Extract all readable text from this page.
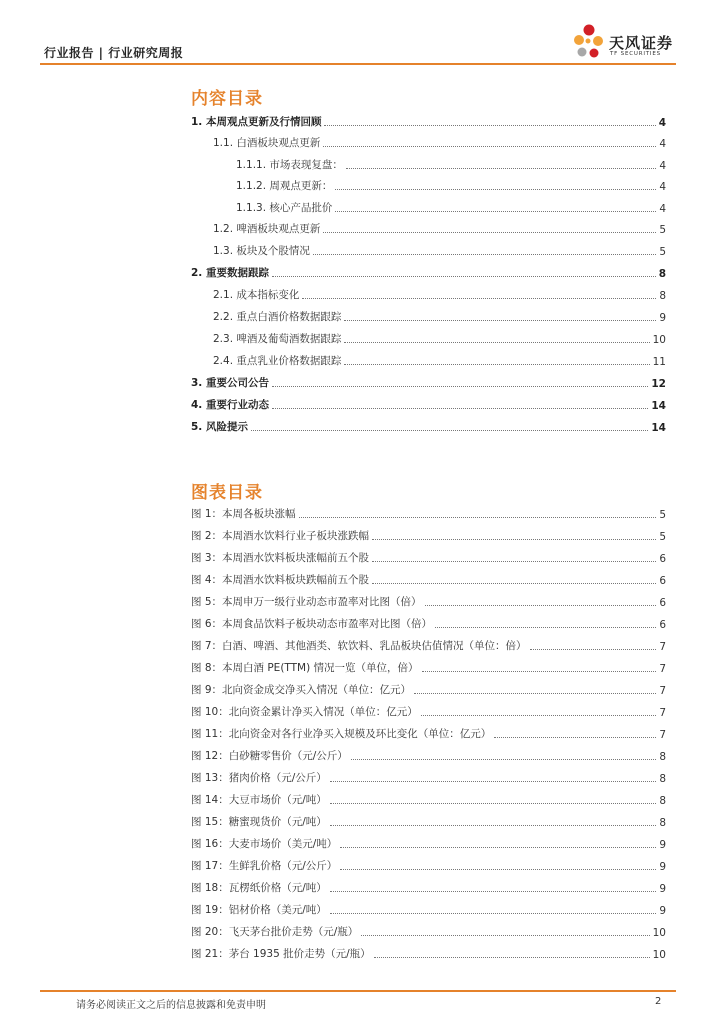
行业报告 | 行业研究周报
天风证券
TF SECURITIES
内容目录
1. 本周观点更新及行情回顾	4
1.1. 白酒板块观点更新	4
1.1.1. 市场表现复盘：	4
1.1.2. 周观点更新：	4
1.1.3. 核心产品批价	4
1.2. 啤酒板块观点更新	5
1.3. 板块及个股情况	5
2. 重要数据跟踪	8
2.1. 成本指标变化	8
2.2. 重点白酒价格数据跟踪	9
2.3. 啤酒及葡萄酒数据跟踪	10
2.4. 重点乳业价格数据跟踪	11
3. 重要公司公告	12
4. 重要行业动态	14
5. 风险提示	14
图表目录
图 1：本周各板块涨幅	5
图 2：本周酒水饮料行业子板块涨跌幅	5
图 3：本周酒水饮料板块涨幅前五个股	6
图 4：本周酒水饮料板块跌幅前五个股	6
图 5：本周申万一级行业动态市盈率对比图（倍）	6
图 6：本周食品饮料子板块动态市盈率对比图（倍）	6
图 7：白酒、啤酒、其他酒类、软饮料、乳品板块估值情况（单位：倍）	7
图 8：本周白酒 PE(TTM) 情况一览（单位，倍）	7
图 9：北向资金成交净买入情况（单位：亿元）	7
图 10：北向资金累计净买入情况（单位：亿元）	7
图 11：北向资金对各行业净买入规模及环比变化（单位：亿元）	7
图 12：白砂糖零售价（元/公斤）	8
图 13：猪肉价格（元/公斤）	8
图 14：大豆市场价（元/吨）	8
图 15：糖蜜现货价（元/吨）	8
图 16：大麦市场价（美元/吨）	9
图 17：生鲜乳价格（元/公斤）	9
图 18：瓦楞纸价格（元/吨）	9
图 19：铝材价格（美元/吨）	9
图 20：飞天茅台批价走势（元/瓶）	10
图 21：茅台 1935 批价走势（元/瓶）	10
请务必阅读正文之后的信息披露和免责申明	2
